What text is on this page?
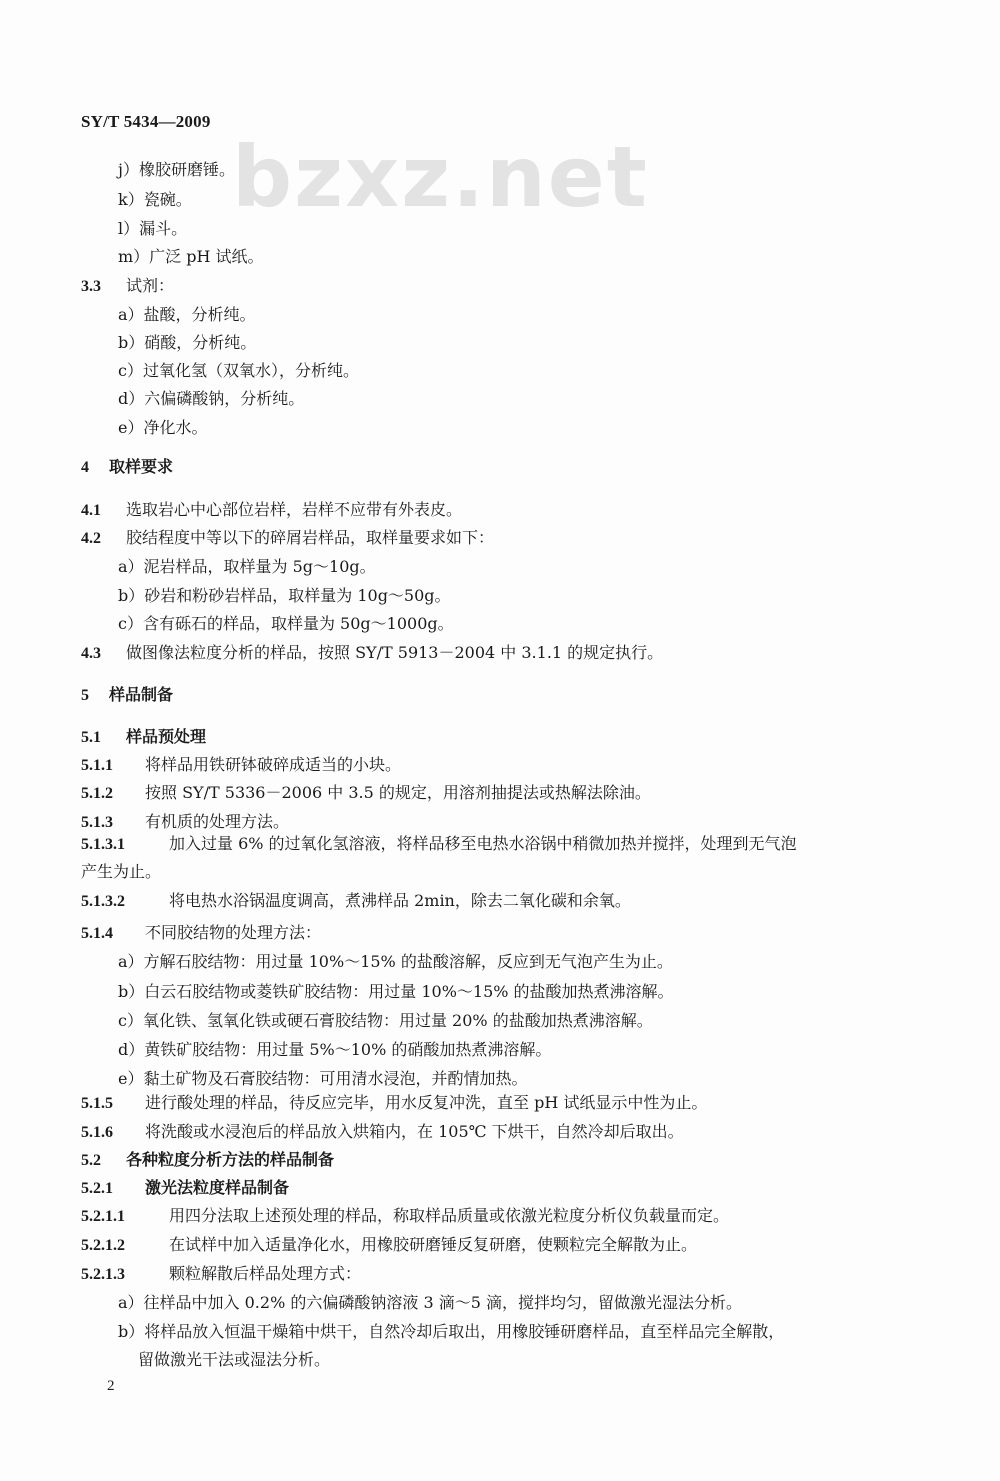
SY/T 5434—2009
bzxz.net
j）橡胶研磨锤。
k）瓷碗。
l）漏斗。
m）广泛 pH 试纸。
3.3 试剂：
a）盐酸，分析纯。
b）硝酸，分析纯。
c）过氧化氢（双氧水），分析纯。
d）六偏磷酸钠，分析纯。
e）净化水。
4 取样要求
4.1 选取岩心中心部位岩样，岩样不应带有外表皮。
4.2 胶结程度中等以下的碎屑岩样品，取样量要求如下：
a）泥岩样品，取样量为 5g～10g。
b）砂岩和粉砂岩样品，取样量为 10g～50g。
c）含有砾石的样品，取样量为 50g～1000g。
4.3 做图像法粒度分析的样品，按照 SY/T 5913－2004 中 3.1.1 的规定执行。
5 样品制备
5.1 样品预处理
5.1.1 将样品用铁研钵破碎成适当的小块。
5.1.2 按照 SY/T 5336－2006 中 3.5 的规定，用溶剂抽提法或热解法除油。
5.1.3 有机质的处理方法。
5.1.3.1	加入过量 6% 的过氧化氢溶液，将样品移至电热水浴锅中稍微加热并搅拌，处理到无气泡
产生为止。
5.1.3.2	将电热水浴锅温度调高，煮沸样品 2min，除去二氧化碳和余氧。
5.1.4 不同胶结物的处理方法：
a）方解石胶结物：用过量 10%～15% 的盐酸溶解，反应到无气泡产生为止。
b）白云石胶结物或菱铁矿胶结物：用过量 10%～15% 的盐酸加热煮沸溶解。
c）氧化铁、氢氧化铁或硬石膏胶结物：用过量 20% 的盐酸加热煮沸溶解。
d）黄铁矿胶结物：用过量 5%～10% 的硝酸加热煮沸溶解。
e）黏土矿物及石膏胶结物：可用清水浸泡，并酌情加热。
5.1.5 进行酸处理的样品，待反应完毕，用水反复冲洗，直至 pH 试纸显示中性为止。
5.1.6 将洗酸或水浸泡后的样品放入烘箱内，在 105℃ 下烘干，自然冷却后取出。
5.2 各种粒度分析方法的样品制备
5.2.1 激光法粒度样品制备
5.2.1.1	用四分法取上述预处理的样品，称取样品质量或依激光粒度分析仪负载量而定。
5.2.1.2	在试样中加入适量净化水，用橡胶研磨锤反复研磨，使颗粒完全解散为止。
5.2.1.3	颗粒解散后样品处理方式：
a）往样品中加入 0.2% 的六偏磷酸钠溶液 3 滴～5 滴，搅拌均匀，留做激光湿法分析。
b）将样品放入恒温干燥箱中烘干，自然冷却后取出，用橡胶锤研磨样品，直至样品完全解散，
留做激光干法或湿法分析。
2
